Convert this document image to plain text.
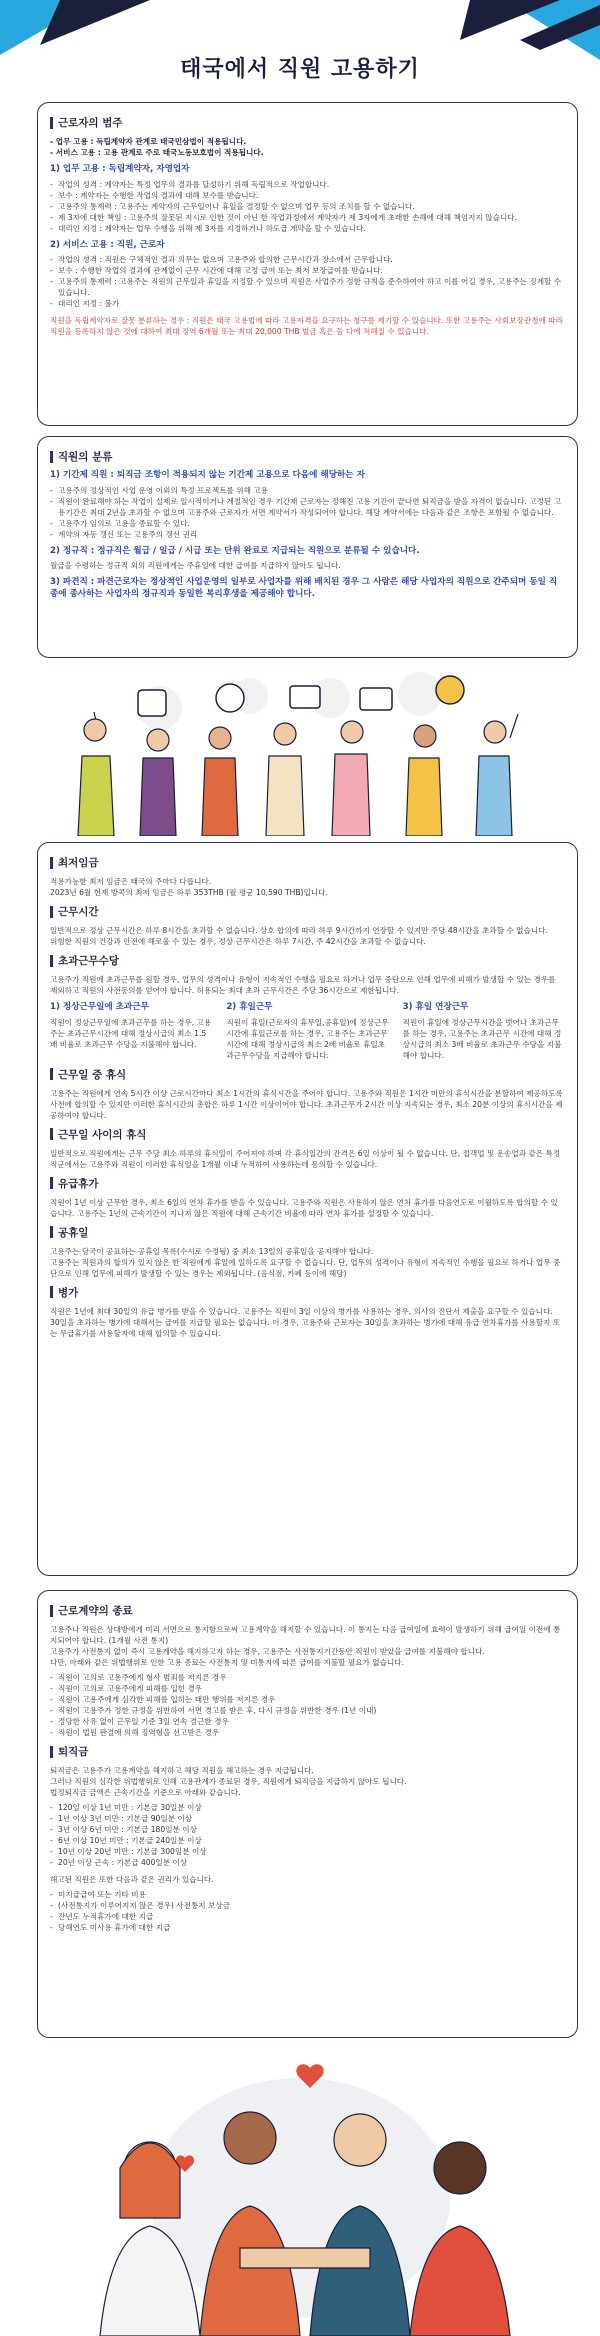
태국에서 직원 고용하기
근로자의 범주
- 업무 고용 : 독립계약자 관계로 태국민삼법이 적용됩니다.
- 서비스 고용 : 고용 관계로 주로 태국노동보호법이 적용됩니다.
1) 업무 고용 : 독립계약자, 자영업자
- 작업의 성격 : 계약자는 특정 업무의 결과를 달성하기 위해 독립적으로 작업합니다.
- 보수 : 계약자는 수행한 작업의 결과에 대해 보수를 받습니다.
- 고용주의 통제력 : 고용주는 계약자의 근무일이나 휴일을 결정할 수 없으며 업무 등의 조치를 할 수 없습니다.
- 제 3자에 대한 책임 : 고용주의 잘못된 지시로 인한 것이 아닌 한 작업과정에서 계약자가 제 3자에게 초래한 손해에 대해 책임지지 않습니다.
- 대리인 지정 : 계약자는 업무 수행을 위해 제 3자를 지정하거나 하도급 계약을 할 수 있습니다.
2) 서비스 고용 : 직원, 근로자
- 작업의 성격 : 직원은 구체적인 결과 의무는 없으며 고용주와 합의한 근무시간과 장소에서 근무합니다.
- 보수 : 수행한 작업의 결과에 관계없이 근무 시간에 대해 고정 급여 또는 최저 보장급여를 받습니다.
- 고용주의 통제력 : 고용주는 직원의 근무일과 휴일을 지정할 수 있으며 직원은 사업주가 정한 규칙을 준수하여야 하고 이를 어길 경우, 고용주는 징계할 수 있습니다.
- 대리인 지정 : 불가
직원을 독립계약자로 잘못 분류하는 경우 : 직원은 태국 고용법에 따라 고용자격을 요구하는 청구를 제기할 수 있습니다. 또한 고용주는 사회보장관청에 따라 직원을 등록하지 않은 것에 대하여 최대 징역 6개월 또는 최대 20,000 THB 벌금 혹은 둘 다에 처해질 수 있습니다.
직원의 분류
1) 기간제 직원 : 퇴직금 조항이 적용되지 않는 기간제 고용으로 다음에 해당하는 자
- 고용주의 정상적인 사업 운영 이외의 특정 프로젝트를 위해 고용
- 직원이 완료해야 하는 작업이 실제로 일시적이거나 계절적인 경우 기간제 근로자는 정해진 고용 기간이 끝나면 퇴직금을 받을 자격이 없습니다. 고정된 고용기간은 최대 2년을 초과할 수 없으며 고용주와 근로자가 서면 계약서가 작성되어야 합니다. 해당 계약서에는 다음과 같은 조항은 포함될 수 없습니다.
- 고용주가 임의로 고용을 종료할 수 있다.
- 계약의 자동 갱신 또는 고용주의 갱신 권리
2) 정규직 : 정규직은 월급 / 일급 / 시급 또는 단위 완료로 지급되는 직원으로 분류될 수 있습니다.
월급을 수령하는 정규직 외의 직원에게는 주휴일에 대한 급여를 지급하지 않아도 됩니다.
3) 파견직 : 파견근로자는 정상적인 사업운영의 일부로 사업자를 위해 배치된 경우 그 사람은 해당 사업자의 직원으로 간주되며 동일 직종에 종사하는 사업자의 정규직과 동일한 복리후생을 제공해야 합니다.
최저임금
적용가능한 최저 임금은 태국의 주마다 다릅니다.
2023년 6월 현재 방콕의 최저 임금은 하루 353THB (월 평균 10,590 THB)입니다.
근무시간
일반적으로 정상 근무시간은 하루 8시간을 초과할 수 없습니다. 상호 합의에 따라 하루 9시간까지 연장할 수 있지만 주당 48시간을 초과할 수 없습니다.
위험한 직원의 건강과 안전에 해로울 수 있는 경우, 정상 근무시간은 하루 7시간, 주 42시간을 초과할 수 없습니다.
초과근무수당
고용주가 직원에 초과근무를 원할 경우, 업무의 성격이나 유형이 지속적인 수행을 필요로 하거나 업무 중단으로 인해 업무에 피해가 발생할 수 있는 경우를 제외하고 직원의 사전동의를 얻어야 합니다. 허용되는 최대 초과 근무시간은 주당 36시간으로 제한됩니다.
1) 정상근무일에 초과근무
직원이 정상근무일에 초과근무를 하는 경우, 고용주는 초과근무시간에 대해 정상시급의 최소 1.5배 비율로 초과근무 수당을 지불해야 합니다.
2) 휴일근무
직원이 휴일(근로자의 휴무일,공휴일)에 정상근무시간에 휴일근로를 하는 경우, 고용주는 초과근무시간에 대해 정상시급의 최소 2배 비율로 휴일초과근무수당을 지급해야 합니다.
3) 휴일 연장근무
직원이 휴일에 정상근무시간을 벗어나 초과근무를 하는 경우, 고용주는 초과근무 시간에 대해 정상시급의 최소 3배 비율로 초과근무 수당을 지불해야 합니다.
근무일 중 휴식
고용주는 직원에게 연속 5시간 이상 근로시간마다 최소 1시간의 휴식시간을 주어야 합니다. 고용주와 직원은 1시간 미만의 휴식시간을 분할하여 제공하도록 사전에 합의할 수 있지만 이러한 휴식시간의 총합은 하루 1시간 이상이어야 합니다. 초과근무가 2시간 이상 지속되는 경우, 최소 20분 이상의 휴식시간을 제공하여야 합니다.
근무일 사이의 휴식
일반적으로 직원에게는 근무 주당 최소 하루의 휴식일이 주어져야 하며 각 휴식일간의 간격은 6일 이상이 될 수 없습니다. 단, 접객업 및 운송업과 같은 특정 직군에서는 고용주와 직원이 이러한 휴식일을 1개월 이내 누적하여 사용하는데 동의할 수 있습니다.
유급휴가
직원이 1년 이상 근무한 경우, 최소 6일의 연차 휴가를 받을 수 있습니다. 고용주와 직원은 사용하지 않은 연차 휴가를 다음연도로 이월하도록 합의할 수 있습니다. 고용주는 1년의 근속기간이 지나지 않은 직원에 대해 근속기간 비율에 따라 연차 휴가를 설정할 수 있습니다.
공휴일
고용주는 당국이 공표하는 공휴일 목록(수시로 수정됨) 중 최소 13일의 공휴일을 공지해야 합니다.
고용주는 직원과의 합의가 있지 않은 한 직원에게 휴일에 일하도록 요구할 수 없습니다. 단, 업무의 성격이나 유형이 지속적인 수행을 필요로 하거나 업무 중단으로 인해 업무에 피해가 발생할 수 있는 경우는 제외됩니다. (음식점, 카페 등이에 해당)
병가
직원은 1년에 최대 30일의 유급 병가를 받을 수 있습니다. 고용주는 직원이 3일 이상의 병가를 사용하는 경우, 의사의 진단서 제출을 요구할 수 있습니다.
30일을 초과하는 병가에 대해서는 급여를 지급할 필요는 없습니다. 이 경우, 고용주와 근로자는 30일을 초과하는 병가에 대해 유급 연차휴가를 사용할지 또는 무급휴가를 사용할지에 대해 합의할 수 있습니다.
근로계약의 종료
고용주나 직원은 상대방에게 미리 서면으로 통지함으로써 고용계약을 해지할 수 있습니다. 이 통지는 다음 급여일에 효력이 발생하기 위해 급여일 이전에 통지되어야 합니다. (1개월 사전 통지)
고용주가 사전통지 없이 즉시 고용계약을 해지하고자 하는 경우, 고용주는 사전통지기간동안 직원이 받았을 급여를 지불해야 합니다.
다만, 아래와 같은 위법행위로 인한 고용 종료는 사전통지 및 미통지에 따른 급여를 지불할 필요가 없습니다.
- 직원이 고의로 고용주에게 형사 범죄를 저지른 경우
- 직원이 고의로 고용주에게 피해를 입힌 경우
- 직원이 고용주에게 심각한 피해를 입히는 태만 행위를 저지른 경우
- 직원이 고용주가 정한 규정을 위반하여 서면 경고를 받은 후, 다시 규정을 위반한 경우 (1년 이내)
- 정당한 사유 없이 근무일 기준 3일 연속 결근한 경우
- 직원이 법원 판결에 의해 징역형을 선고받은 경우
퇴직금
퇴직금은 고용주가 고용계약을 해지하고 해당 직원을 해고하는 경우 지급됩니다.
그러나 직원의 심각한 위법행위로 인해 고용관계가 종료된 경우, 직원에게 퇴직금을 지급하지 않아도 됩니다.
법정퇴직금 금액은 근속기간을 기준으로 아래와 같습니다.
- 120일 이상 1년 미만 : 기본급 30일분 이상
- 1년 이상 3년 미만 : 기본급 90일분 이상
- 3년 이상 6년 미만 : 기본급 180일분 이상
- 6년 이상 10년 미만 : 기본급 240일분 이상
- 10년 이상 20년 미만 : 기본급 300일분 이상
- 20년 이상 근속 : 기본급 400일분 이상
해고된 직원은 또한 다음과 같은 권리가 있습니다.
- 미지급급여 또는 기타 비용
- (사전통지가 이루어지지 않은 경우) 사전통지 보상금
- 잔년도 누적휴가에 대한 지급
- 당해연도 미사용 휴가에 대한 지급
